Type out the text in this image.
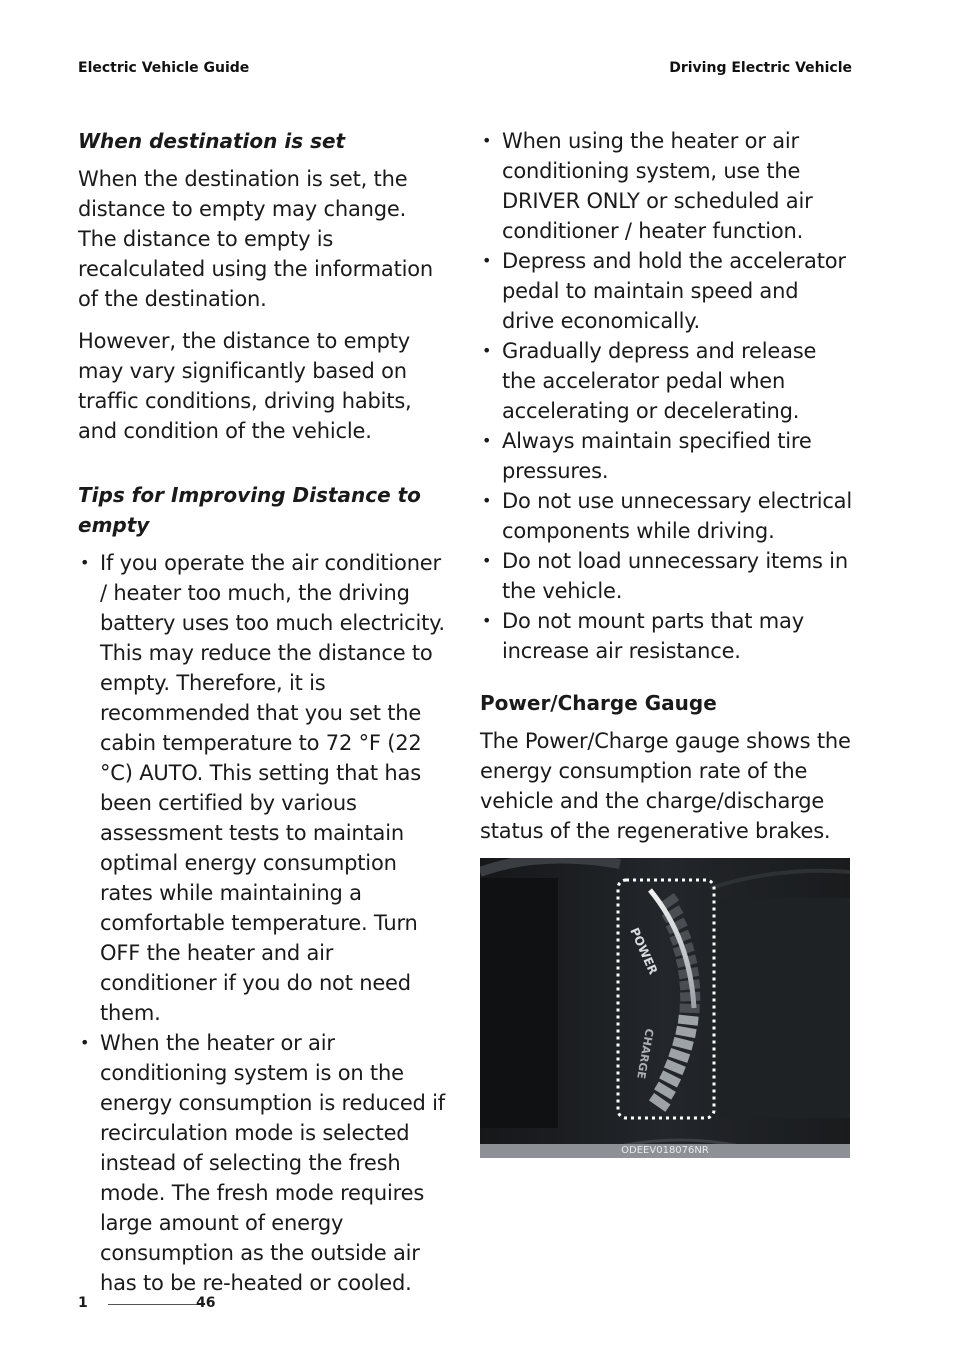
Electric Vehicle Guide	Driving Electric Vehicle
When destination is set

When the destination is set, the distance to empty may change. The distance to empty is recalculated using the information of the destination.

However, the distance to empty may vary significantly based on traffic conditions, driving habits, and condition of the vehicle.

Tips for Improving Distance to empty
• If you operate the air conditioner / heater too much, the driving battery uses too much electricity. This may reduce the distance to empty. Therefore, it is recommended that you set the cabin temperature to 72 °F (22 °C) AUTO. This setting that has been certified by various assessment tests to maintain optimal energy consumption rates while maintaining a comfortable temperature. Turn OFF the heater and air conditioner if you do not need them.
• When the heater or air conditioning system is on the energy consumption is reduced if recirculation mode is selected instead of selecting the fresh mode. The fresh mode requires large amount of energy consumption as the outside air has to be re-heated or cooled.
• When using the heater or air conditioning system, use the DRIVER ONLY or scheduled air conditioner / heater function.
• Depress and hold the accelerator pedal to maintain speed and drive economically.
• Gradually depress and release the accelerator pedal when accelerating or decelerating.
• Always maintain specified tire pressures.
• Do not use unnecessary electrical components while driving.
• Do not load unnecessary items in the vehicle.
• Do not mount parts that may increase air resistance.
Power/Charge Gauge

The Power/Charge gauge shows the energy consumption rate of the vehicle and the charge/discharge status of the regenerative brakes.

POWER
CHARGE
ODEEV018076NR
1	46
